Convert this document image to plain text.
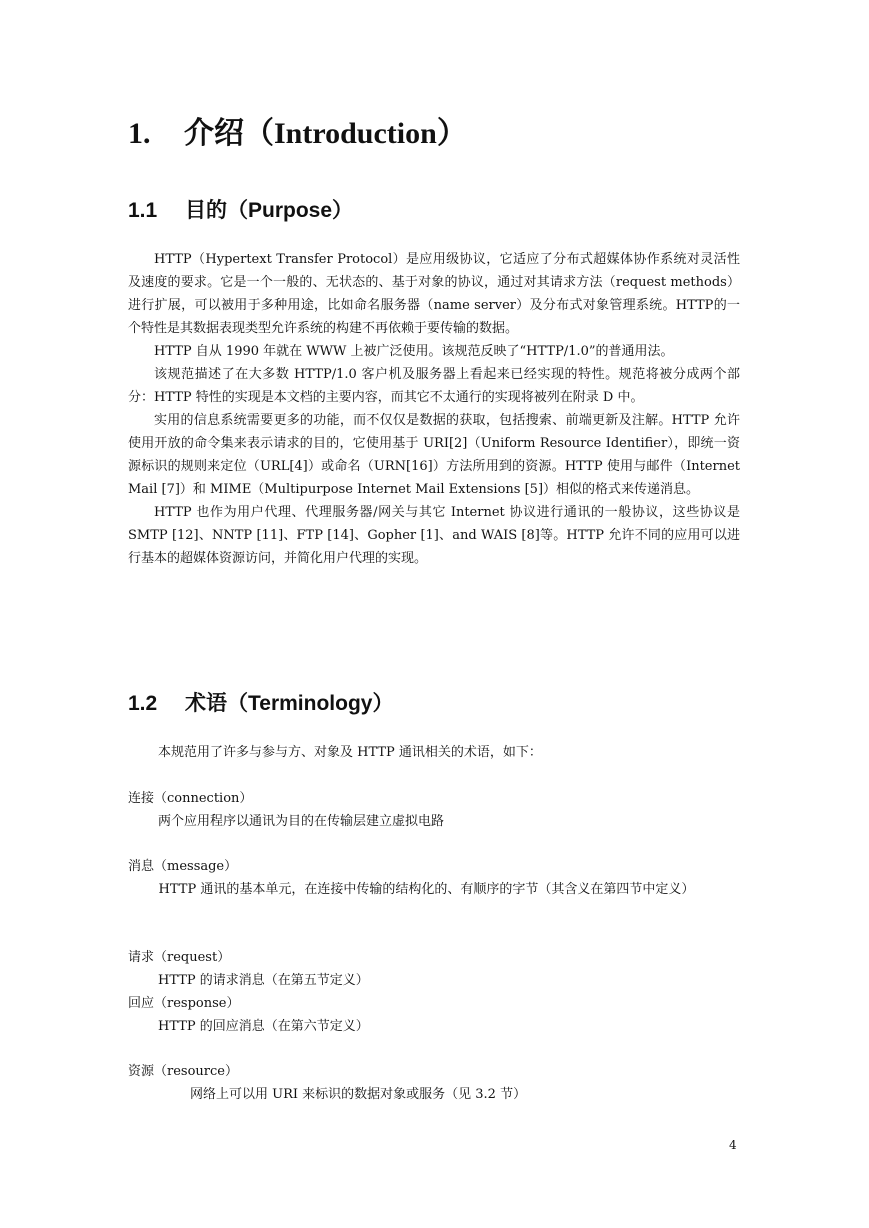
1. 介绍（Introduction）
1.1 目的（Purpose）

HTTP（Hypertext Transfer Protocol）是应用级协议，它适应了分布式超媒体协作系统对灵活性及速度的要求。它是一个一般的、无状态的、基于对象的协议，通过对其请求方法（request methods）进行扩展，可以被用于多种用途，比如命名服务器（name server）及分布式对象管理系统。HTTP的一个特性是其数据表现类型允许系统的构建不再依赖于要传输的数据。

HTTP 自从 1990 年就在 WWW 上被广泛使用。该规范反映了“HTTP/1.0”的普通用法。

该规范描述了在大多数 HTTP/1.0 客户机及服务器上看起来已经实现的特性。规范将被分成两个部分：HTTP 特性的实现是本文档的主要内容，而其它不太通行的实现将被列在附录 D 中。

实用的信息系统需要更多的功能，而不仅仅是数据的获取，包括搜索、前端更新及注解。HTTP 允许使用开放的命令集来表示请求的目的，它使用基于 URI[2]（Uniform Resource Identifier），即统一资源标识的规则来定位（URL[4]）或命名（URN[16]）方法所用到的资源。HTTP 使用与邮件（Internet Mail [7]）和 MIME（Multipurpose Internet Mail Extensions [5]）相似的格式来传递消息。

HTTP 也作为用户代理、代理服务器/网关与其它 Internet 协议进行通讯的一般协议，这些协议是 SMTP [12]、NNTP [11]、FTP [14]、Gopher [1]、and WAIS [8]等。HTTP 允许不同的应用可以进行基本的超媒体资源访问，并简化用户代理的实现。

1.2 术语（Terminology）
本规范用了许多与参与方、对象及 HTTP 通讯相关的术语，如下：
连接（connection）
两个应用程序以通讯为目的在传输层建立虚拟电路
消息（message）
HTTP 通讯的基本单元，在连接中传输的结构化的、有顺序的字节（其含义在第四节中定义）
请求（request）
HTTP 的请求消息（在第五节定义）
回应（response）
HTTP 的回应消息（在第六节定义）
资源（resource）
网络上可以用 URI 来标识的数据对象或服务（见 3.2 节）
4
